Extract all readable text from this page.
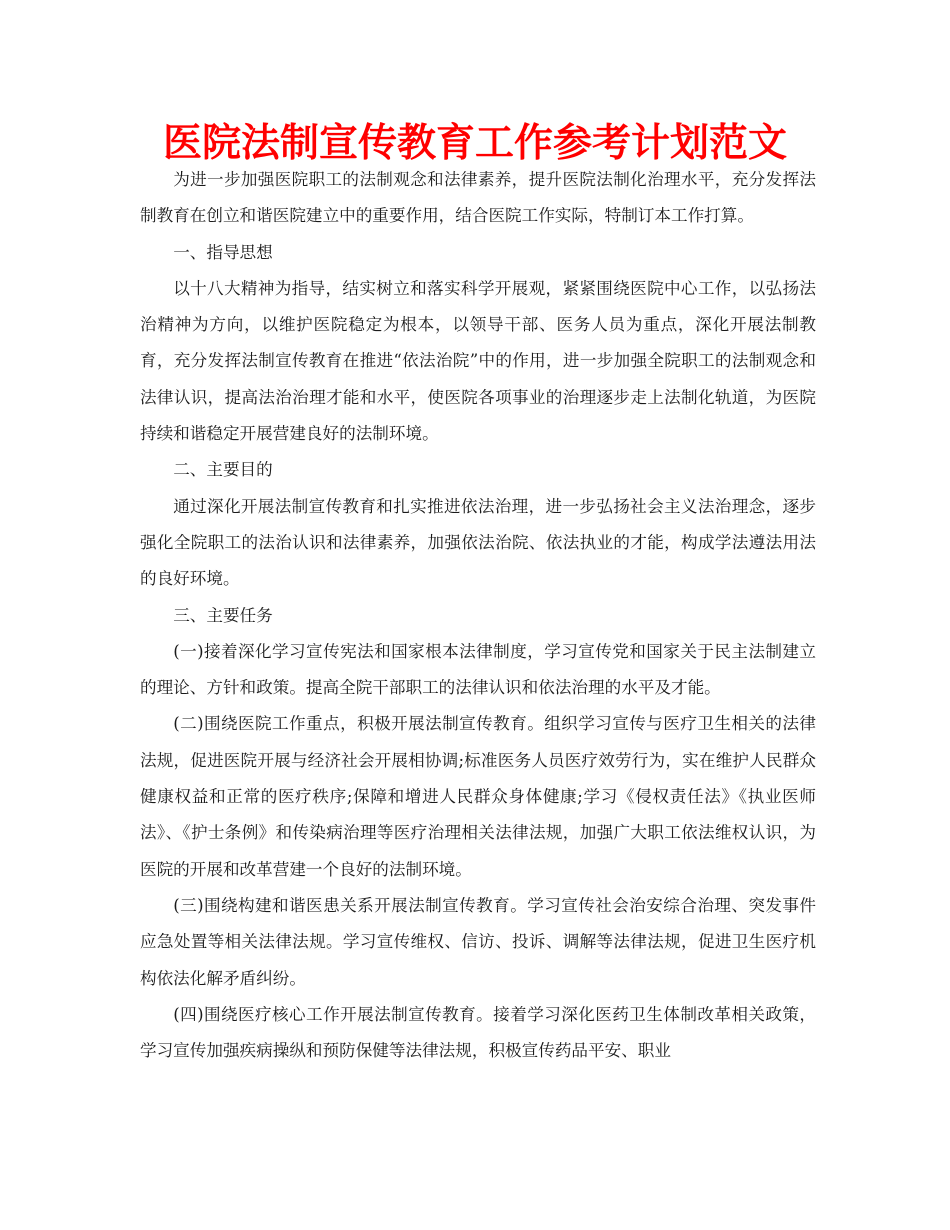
医院法制宣传教育工作参考计划范文

为进一步加强医院职工的法制观念和法律素养，提升医院法制化治理水平，充分发挥法制教育在创立和谐医院建立中的重要作用，结合医院工作实际，特制订本工作打算。

一、指导思想

以十八大精神为指导，结实树立和落实科学开展观，紧紧围绕医院中心工作，以弘扬法治精神为方向，以维护医院稳定为根本，以领导干部、医务人员为重点，深化开展法制教育，充分发挥法制宣传教育在推进“依法治院”中的作用，进一步加强全院职工的法制观念和法律认识，提高法治治理才能和水平，使医院各项事业的治理逐步走上法制化轨道，为医院持续和谐稳定开展营建良好的法制环境。

二、主要目的

通过深化开展法制宣传教育和扎实推进依法治理，进一步弘扬社会主义法治理念，逐步强化全院职工的法治认识和法律素养，加强依法治院、依法执业的才能，构成学法遵法用法的良好环境。

三、主要任务

(一)接着深化学习宣传宪法和国家根本法律制度，学习宣传党和国家关于民主法制建立的理论、方针和政策。提高全院干部职工的法律认识和依法治理的水平及才能。

(二)围绕医院工作重点，积极开展法制宣传教育。组织学习宣传与医疗卫生相关的法律法规，促进医院开展与经济社会开展相协调;标准医务人员医疗效劳行为，实在维护人民群众健康权益和正常的医疗秩序;保障和增进人民群众身体健康;学习《侵权责任法》《执业医师法》、《护士条例》和传染病治理等医疗治理相关法律法规，加强广大职工依法维权认识，为医院的开展和改革营建一个良好的法制环境。

(三)围绕构建和谐医患关系开展法制宣传教育。学习宣传社会治安综合治理、突发事件应急处置等相关法律法规。学习宣传维权、信访、投诉、调解等法律法规，促进卫生医疗机构依法化解矛盾纠纷。

(四)围绕医疗核心工作开展法制宣传教育。接着学习深化医药卫生体制改革相关政策，学习宣传加强疾病操纵和预防保健等法律法规，积极宣传药品平安、职业
